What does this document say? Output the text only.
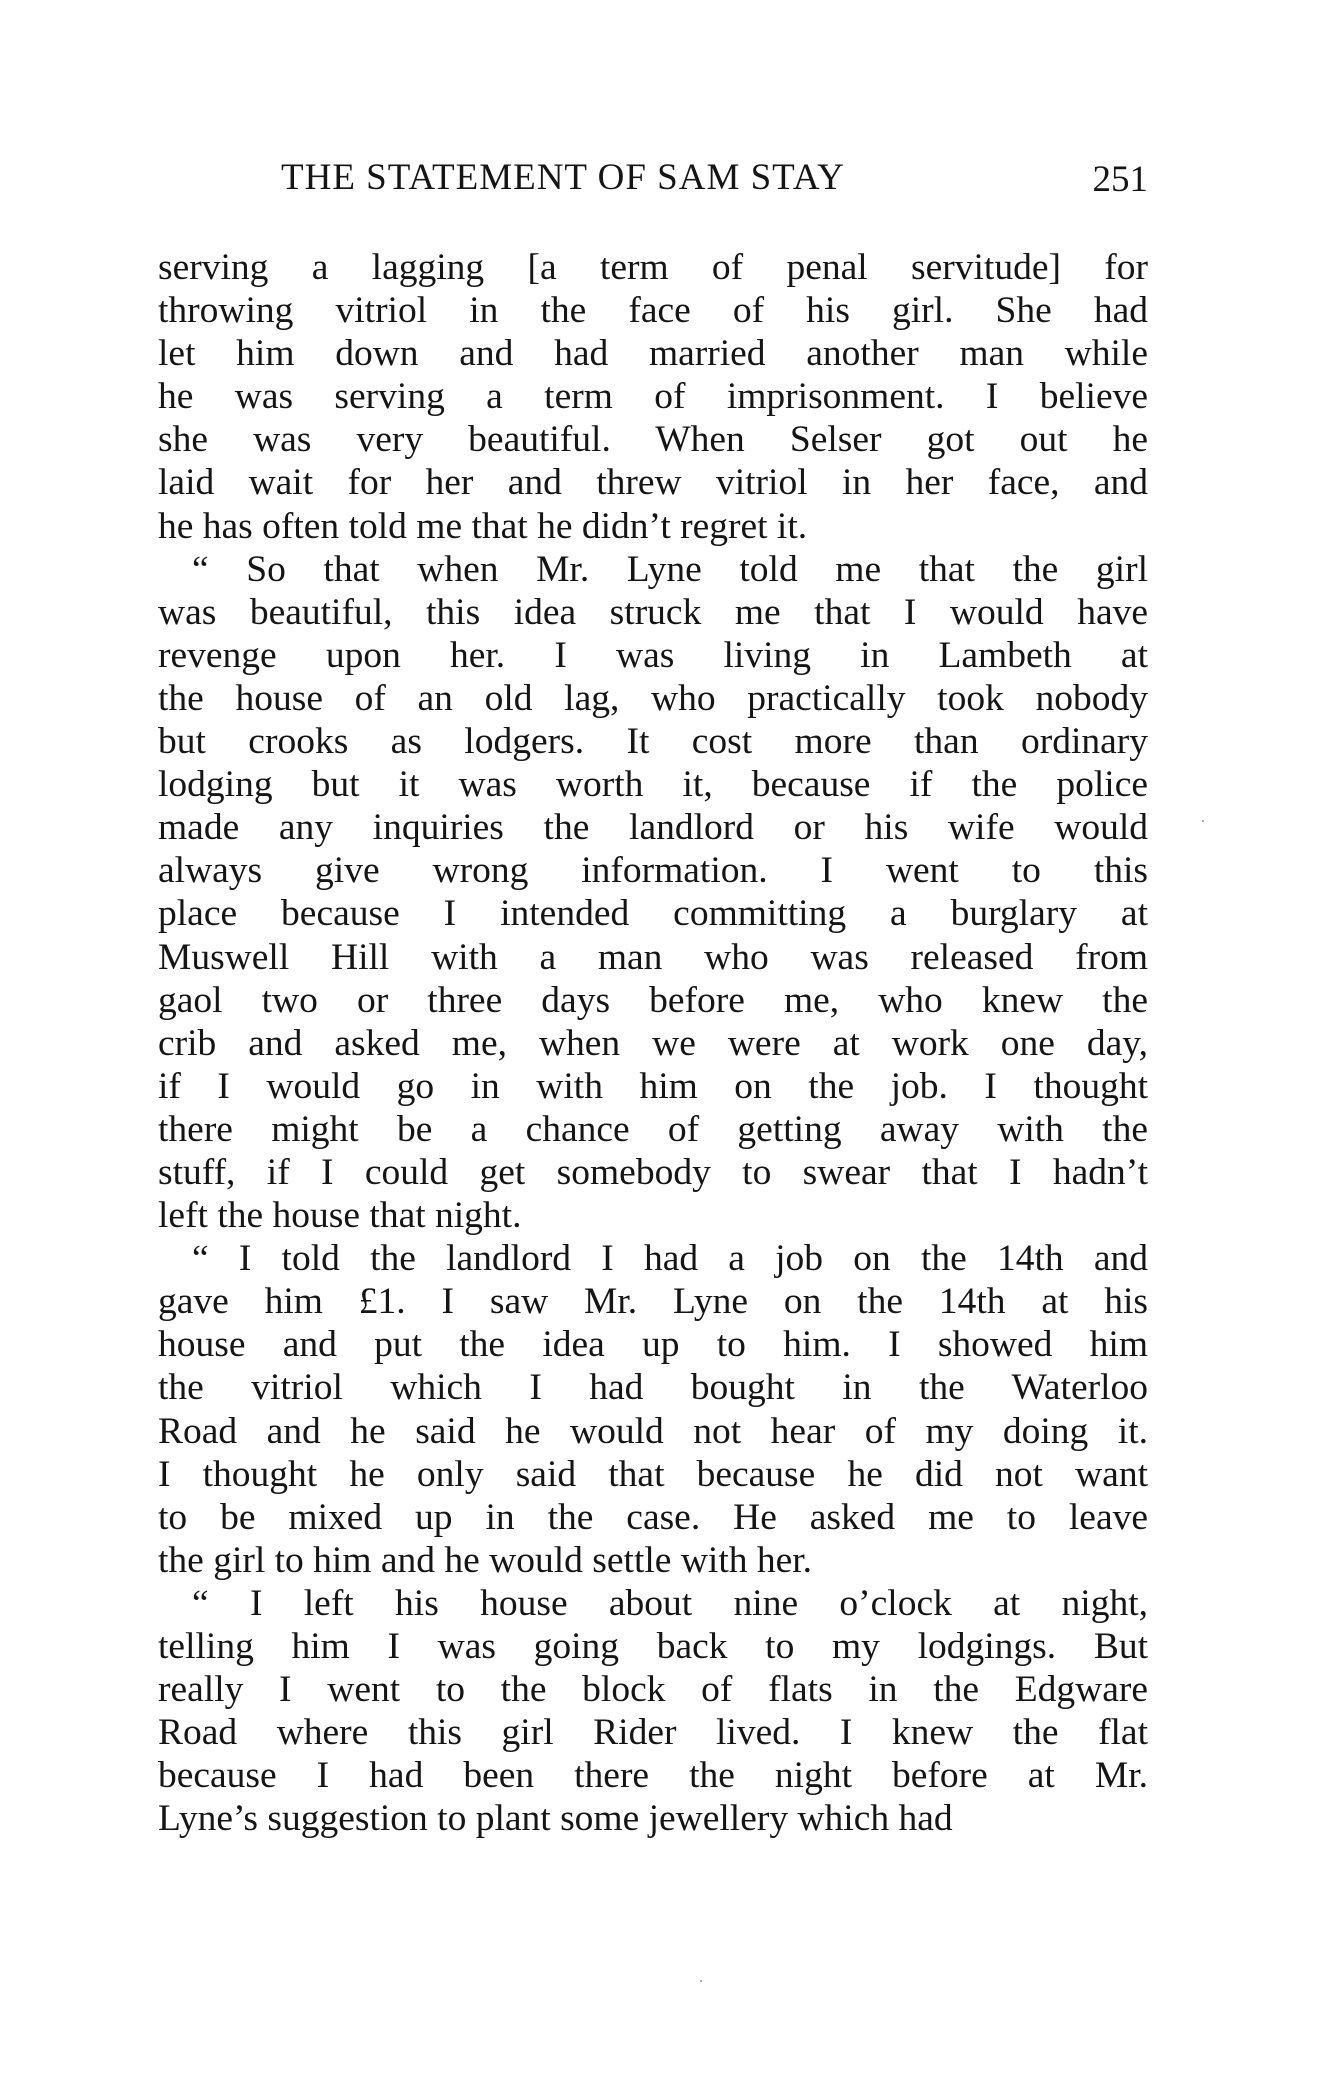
THE STATEMENT OF SAM STAY	251
serving a lagging [a term of penal servitude] for
throwing vitriol in the face of his girl. She had
let him down and had married another man while
he was serving a term of imprisonment. I believe
she was very beautiful. When Selser got out he
laid wait for her and threw vitriol in her face, and
he has often told me that he didn’t regret it.
“ So that when Mr. Lyne told me that the girl
was beautiful, this idea struck me that I would have
revenge upon her. I was living in Lambeth at
the house of an old lag, who practically took nobody
but crooks as lodgers. It cost more than ordinary
lodging but it was worth it, because if the police
made any inquiries the landlord or his wife would
always give wrong information. I went to this
place because I intended committing a burglary at
Muswell Hill with a man who was released from
gaol two or three days before me, who knew the
crib and asked me, when we were at work one day,
if I would go in with him on the job. I thought
there might be a chance of getting away with the
stuff, if I could get somebody to swear that I hadn’t
left the house that night.
“ I told the landlord I had a job on the 14th and
gave him £1. I saw Mr. Lyne on the 14th at his
house and put the idea up to him. I showed him
the vitriol which I had bought in the Waterloo
Road and he said he would not hear of my doing it.
I thought he only said that because he did not want
to be mixed up in the case. He asked me to leave
the girl to him and he would settle with her.
“ I left his house about nine o’clock at night,
telling him I was going back to my lodgings. But
really I went to the block of flats in the Edgware
Road where this girl Rider lived. I knew the flat
because I had been there the night before at Mr.
Lyne’s suggestion to plant some jewellery which had
